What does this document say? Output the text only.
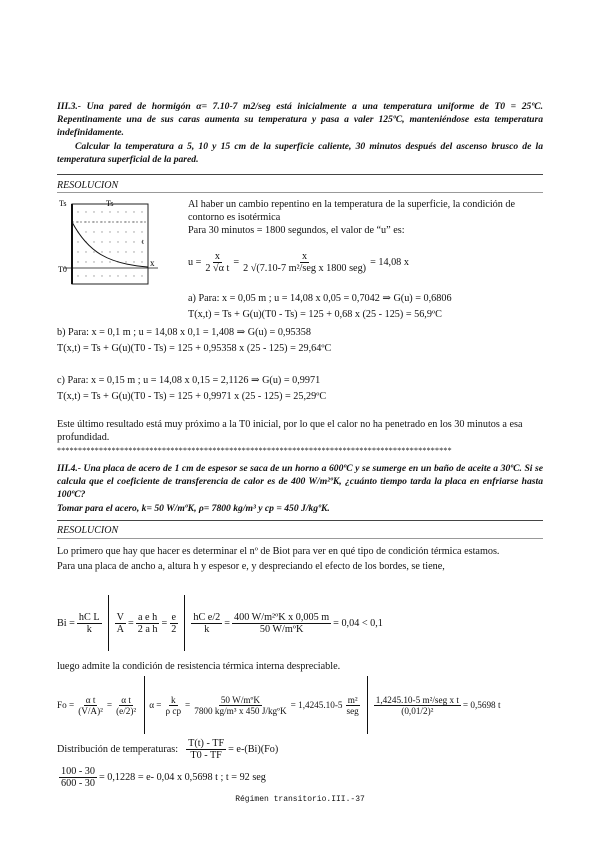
III.3.- Una pared de hormigón α= 7.10-7 m2/seg está inicialmente a una temperatura uniforme de T0 = 25ºC. Repentinamente una de sus caras aumenta su temperatura y pasa a valer 125ºC, manteniéndose esta temperatura indefinidamente.
Calcular la temperatura a 5, 10 y 15 cm de la superficie caliente, 30 minutos después del ascenso brusco de la temperatura superficial de la pared.
RESOLUCION
Ts	Ts
T0
x
t
Al haber un cambio repentino en la temperatura de la superficie, la condición de contorno es isotérmica
Para 30 minutos = 1800 segundos, el valor de “u” es:
$u = \frac{x}{\text{2 √α t}} = \frac{x}{\text{2 √(7.10-7 m²/seg x 1800 seg)}} = 14,08$ x
a) Para: x = 0,05 m ; u = 14,08 x 0,05 = 0,7042 ⇒ G(u) = 0,6806
T(x,t) = Ts + G(u)(T0 - Ts) = 125 + 0,68 x (25 - 125) = 56,9ºC
b) Para: x = 0,1 m ; u = 14,08 x 0,1 = 1,408 ⇒ G(u) = 0,95358
T(x,t) = Ts + G(u)(T0 - Ts) = 125 + 0,95358 x (25 - 125) = 29,64ºC
c) Para: x = 0,15 m ; u = 14,08 x 0,15 = 2,1126 ⇒ G(u) = 0,9971
T(x,t) = Ts + G(u)(T0 - Ts) = 125 + 0,9971 x (25 - 125) = 25,29ºC
Este último resultado está muy próximo a la T0 inicial, por lo que el calor no ha penetrado en los 30 minutos a esa profundidad.
**********************************************************************************************
III.4.- Una placa de acero de 1 cm de espesor se saca de un horno a 600ºC y se sumerge en un baño de aceite a 30ºC. Si se calcula que el coeficiente de transferencia de calor es de 400 W/m²ºK, ¿cuánto tiempo tarda la placa en enfriarse hasta 100ºC?
Tomar para el acero, k= 50 W/mºK, ρ= 7800 kg/m³ y cp = 450 J/kgºK.
RESOLUCION
Lo primero que hay que hacer es determinar el nº de Biot para ver en qué tipo de condición térmica estamos.
Para una placa de ancho a, altura h y espesor e, y despreciando el efecto de los bordes, se tiene,
$Bi = \frac{\text{hC L}}{k} \frac{V}{A} = \frac{\text{a e h}}{\text{2 a h}} = \frac{e}{2} \frac{\text{hC e/2}}{k} = \frac{\text{400 W/m²ºK x 0,005 m}}{\text{50 W/mºK}} = 0,04 < 0,1$
luego admite la condición de resistencia térmica interna despreciable.
$Fo = \frac{\text{α t}}{\text{(V/A)²}} = \frac{\text{α t}}{\text{(e/2)²}}$ $\alpha = \frac{k}{\text{ρ cp}} = \frac{\text{50 W/mºK}}{\text{7800 kg/m³ x 450 J/kgºK}} = 1,4245.10-5 \frac{\text{m²}}{\text{seg}} \frac{\text{1,4245.10-5 m²/seg x t}}{\text{(0,01/2)²}} = 0,5698$ t
Distribución de temperaturas: $\frac{T(t) - TF}{T0 - TF} = e-(Bi)(Fo)$
$\frac{100 - 30}{600 - 30} = 0,1228 = e-$ 0,04 x 0,5698 t ; t = 92 seg
Régimen transitorio.III.-37
